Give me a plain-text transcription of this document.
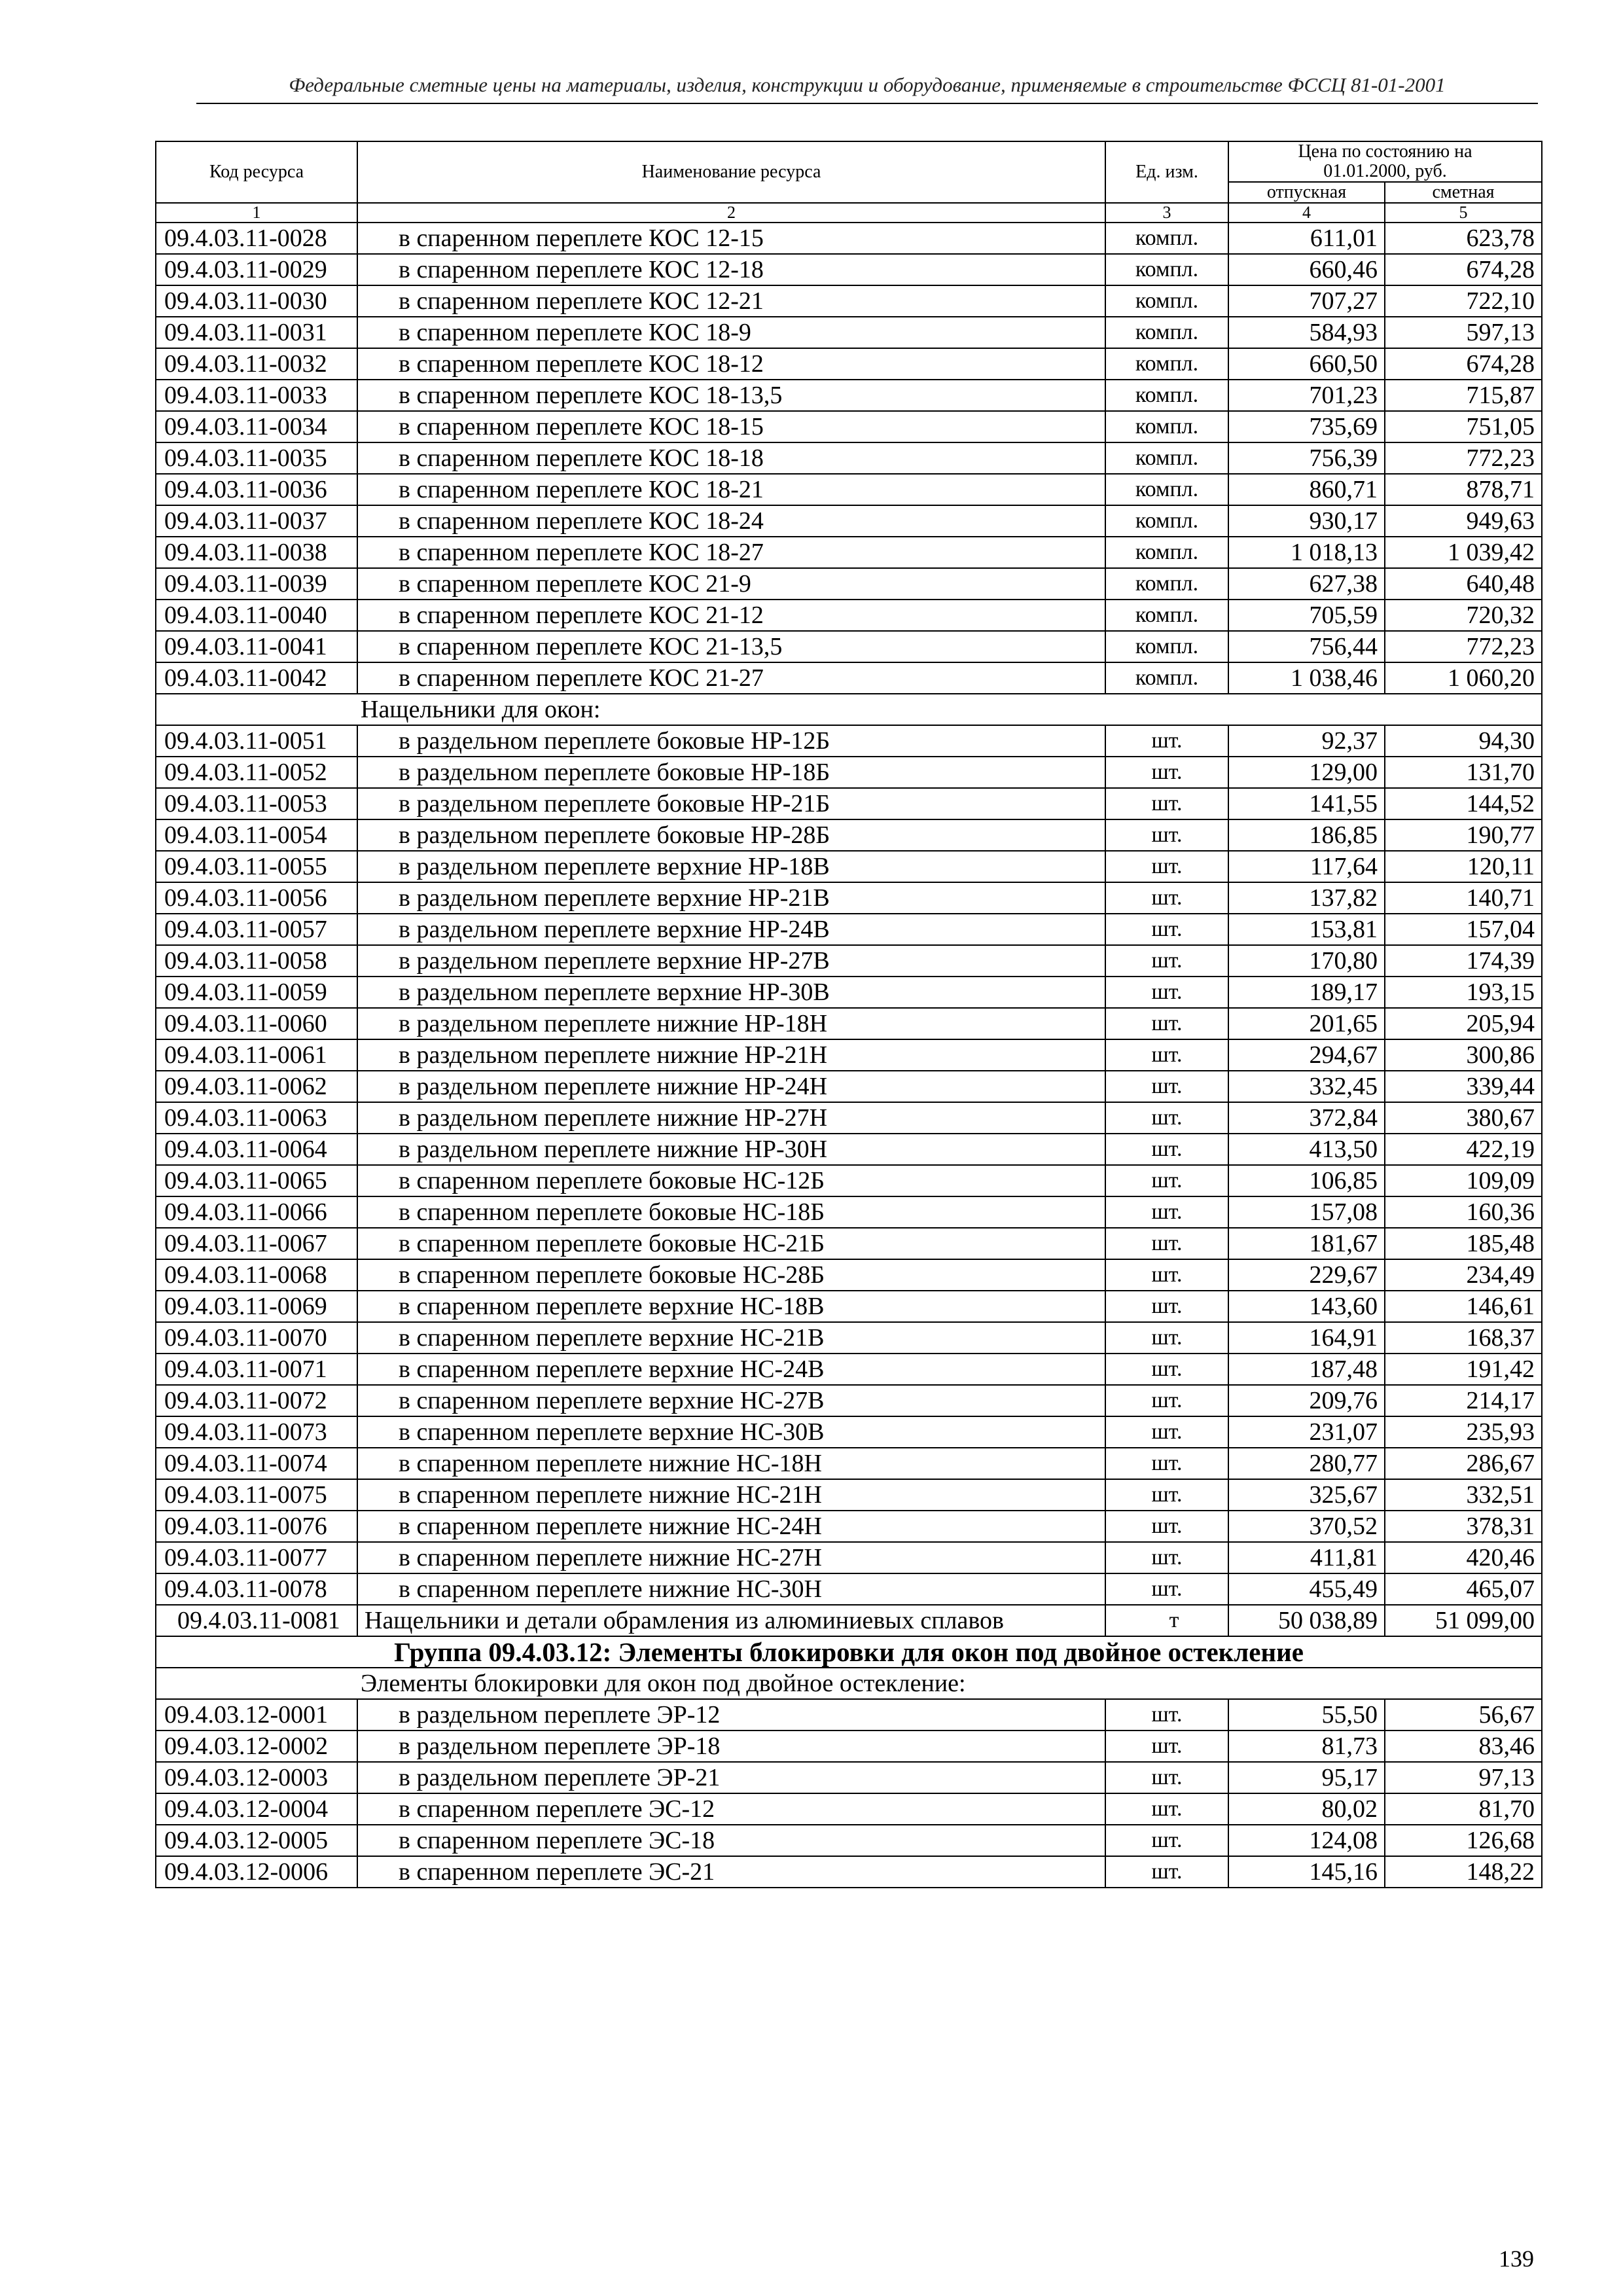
Федеральные сметные цены на материалы, изделия, конструкции и оборудование, применяемые в строительстве ФССЦ 81-01-2001
Код ресурса	Наименование ресурса	Ед. изм.	Цена по состоянию на
01.01.2000, руб.	
			отпускная	сметная
1	2	3	4	5
09.4.03.11-0028	в спаренном переплете КОС 12-15	компл.	611,01	623,78
09.4.03.11-0029	в спаренном переплете КОС 12-18	компл.	660,46	674,28
09.4.03.11-0030	в спаренном переплете КОС 12-21	компл.	707,27	722,10
09.4.03.11-0031	в спаренном переплете КОС 18-9	компл.	584,93	597,13
09.4.03.11-0032	в спаренном переплете КОС 18-12	компл.	660,50	674,28
09.4.03.11-0033	в спаренном переплете КОС 18-13,5	компл.	701,23	715,87
09.4.03.11-0034	в спаренном переплете КОС 18-15	компл.	735,69	751,05
09.4.03.11-0035	в спаренном переплете КОС 18-18	компл.	756,39	772,23
09.4.03.11-0036	в спаренном переплете КОС 18-21	компл.	860,71	878,71
09.4.03.11-0037	в спаренном переплете КОС 18-24	компл.	930,17	949,63
09.4.03.11-0038	в спаренном переплете КОС 18-27	компл.	1 018,13	1 039,42
09.4.03.11-0039	в спаренном переплете КОС 21-9	компл.	627,38	640,48
09.4.03.11-0040	в спаренном переплете КОС 21-12	компл.	705,59	720,32
09.4.03.11-0041	в спаренном переплете КОС 21-13,5	компл.	756,44	772,23
09.4.03.11-0042	в спаренном переплете КОС 21-27	компл.	1 038,46	1 060,20
Нащельники для окон:				
09.4.03.11-0051	в раздельном переплете боковые НР-12Б	шт.	92,37	94,30
09.4.03.11-0052	в раздельном переплете боковые НР-18Б	шт.	129,00	131,70
09.4.03.11-0053	в раздельном переплете боковые НР-21Б	шт.	141,55	144,52
09.4.03.11-0054	в раздельном переплете боковые НР-28Б	шт.	186,85	190,77
09.4.03.11-0055	в раздельном переплете верхние НР-18В	шт.	117,64	120,11
09.4.03.11-0056	в раздельном переплете верхние НР-21В	шт.	137,82	140,71
09.4.03.11-0057	в раздельном переплете верхние НР-24В	шт.	153,81	157,04
09.4.03.11-0058	в раздельном переплете верхние НР-27В	шт.	170,80	174,39
09.4.03.11-0059	в раздельном переплете верхние НР-30В	шт.	189,17	193,15
09.4.03.11-0060	в раздельном переплете нижние НР-18Н	шт.	201,65	205,94
09.4.03.11-0061	в раздельном переплете нижние НР-21Н	шт.	294,67	300,86
09.4.03.11-0062	в раздельном переплете нижние НР-24Н	шт.	332,45	339,44
09.4.03.11-0063	в раздельном переплете нижние НР-27Н	шт.	372,84	380,67
09.4.03.11-0064	в раздельном переплете нижние НР-30Н	шт.	413,50	422,19
09.4.03.11-0065	в спаренном переплете боковые НС-12Б	шт.	106,85	109,09
09.4.03.11-0066	в спаренном переплете боковые НС-18Б	шт.	157,08	160,36
09.4.03.11-0067	в спаренном переплете боковые НС-21Б	шт.	181,67	185,48
09.4.03.11-0068	в спаренном переплете боковые НС-28Б	шт.	229,67	234,49
09.4.03.11-0069	в спаренном переплете верхние НС-18В	шт.	143,60	146,61
09.4.03.11-0070	в спаренном переплете верхние НС-21В	шт.	164,91	168,37
09.4.03.11-0071	в спаренном переплете верхние НС-24В	шт.	187,48	191,42
09.4.03.11-0072	в спаренном переплете верхние НС-27В	шт.	209,76	214,17
09.4.03.11-0073	в спаренном переплете верхние НС-30В	шт.	231,07	235,93
09.4.03.11-0074	в спаренном переплете нижние НС-18Н	шт.	280,77	286,67
09.4.03.11-0075	в спаренном переплете нижние НС-21Н	шт.	325,67	332,51
09.4.03.11-0076	в спаренном переплете нижние НС-24Н	шт.	370,52	378,31
09.4.03.11-0077	в спаренном переплете нижние НС-27Н	шт.	411,81	420,46
09.4.03.11-0078	в спаренном переплете нижние НС-30Н	шт.	455,49	465,07
09.4.03.11-0081	Нащельники и детали обрамления из алюминиевых сплавов	т	50 038,89	51 099,00
Группа 09.4.03.12: Элементы блокировки для окон под двойное остекление				
Элементы блокировки для окон под двойное остекление:				
09.4.03.12-0001	в раздельном переплете ЭР-12	шт.	55,50	56,67
09.4.03.12-0002	в раздельном переплете ЭР-18	шт.	81,73	83,46
09.4.03.12-0003	в раздельном переплете ЭР-21	шт.	95,17	97,13
09.4.03.12-0004	в спаренном переплете ЭС-12	шт.	80,02	81,70
09.4.03.12-0005	в спаренном переплете ЭС-18	шт.	124,08	126,68
09.4.03.12-0006	в спаренном переплете ЭС-21	шт.	145,16	148,22
139
